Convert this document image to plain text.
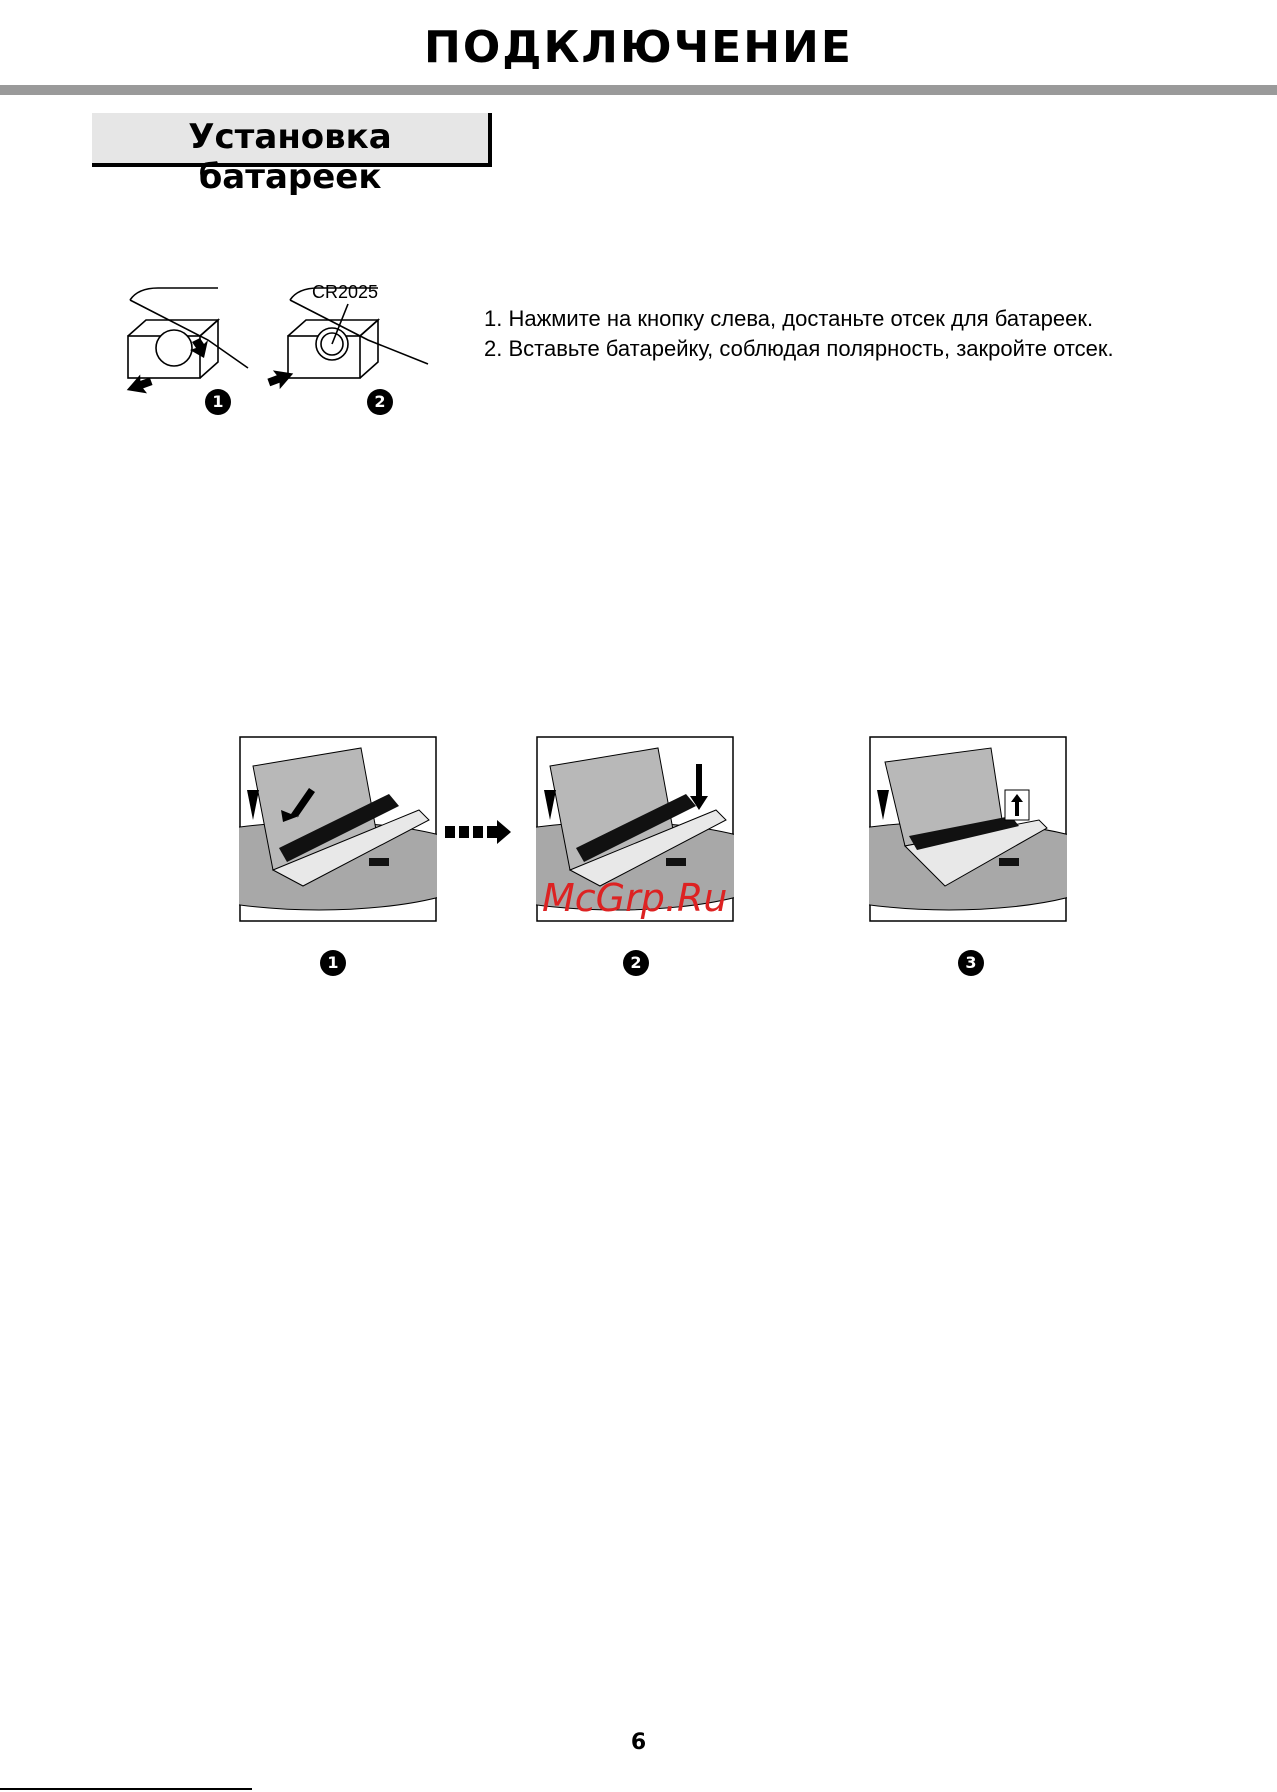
ПОДКЛЮЧЕНИЕ
Установка батареек
CR2025
1	2
1. Нажмите на кнопку слева, достаньте отсек для батареек.
2. Вставьте батарейку, соблюдая полярность, закройте отсек.
McGrp.Ru
1	2	3
6
